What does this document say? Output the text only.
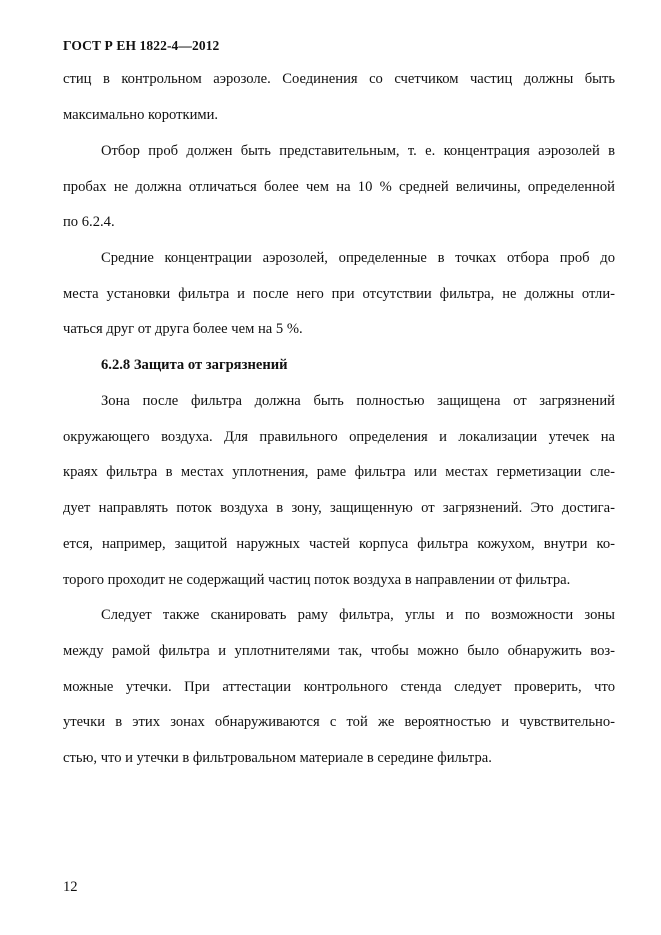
ГОСТ Р ЕН 1822-4—2012
стиц в контрольном аэрозоле. Соединения со счетчиком частиц должны быть
максимально короткими.
Отбор проб должен быть представительным, т. е. концентрация аэрозолей в
пробах не должна отличаться более чем на 10 % средней величины, определенной
по 6.2.4.
Средние концентрации аэрозолей, определенные в точках отбора проб до
места установки фильтра и после него при отсутствии фильтра, не должны отли-
чаться друг от друга более чем на 5 %.
6.2.8 Защита от загрязнений
Зона после фильтра должна быть полностью защищена от загрязнений
окружающего воздуха. Для правильного определения и локализации утечек на
краях фильтра в местах уплотнения, раме фильтра или местах герметизации сле-
дует направлять поток воздуха в зону, защищенную от загрязнений. Это достига-
ется, например, защитой наружных частей корпуса фильтра кожухом, внутри ко-
торого проходит не содержащий частиц поток воздуха в направлении от фильтра.
Следует также сканировать раму фильтра, углы и по возможности зоны
между рамой фильтра и уплотнителями так, чтобы можно было обнаружить воз-
можные утечки. При аттестации контрольного стенда следует проверить, что
утечки в этих зонах обнаруживаются с той же вероятностью и чувствительно-
стью, что и утечки в фильтровальном материале в середине фильтра.
12
